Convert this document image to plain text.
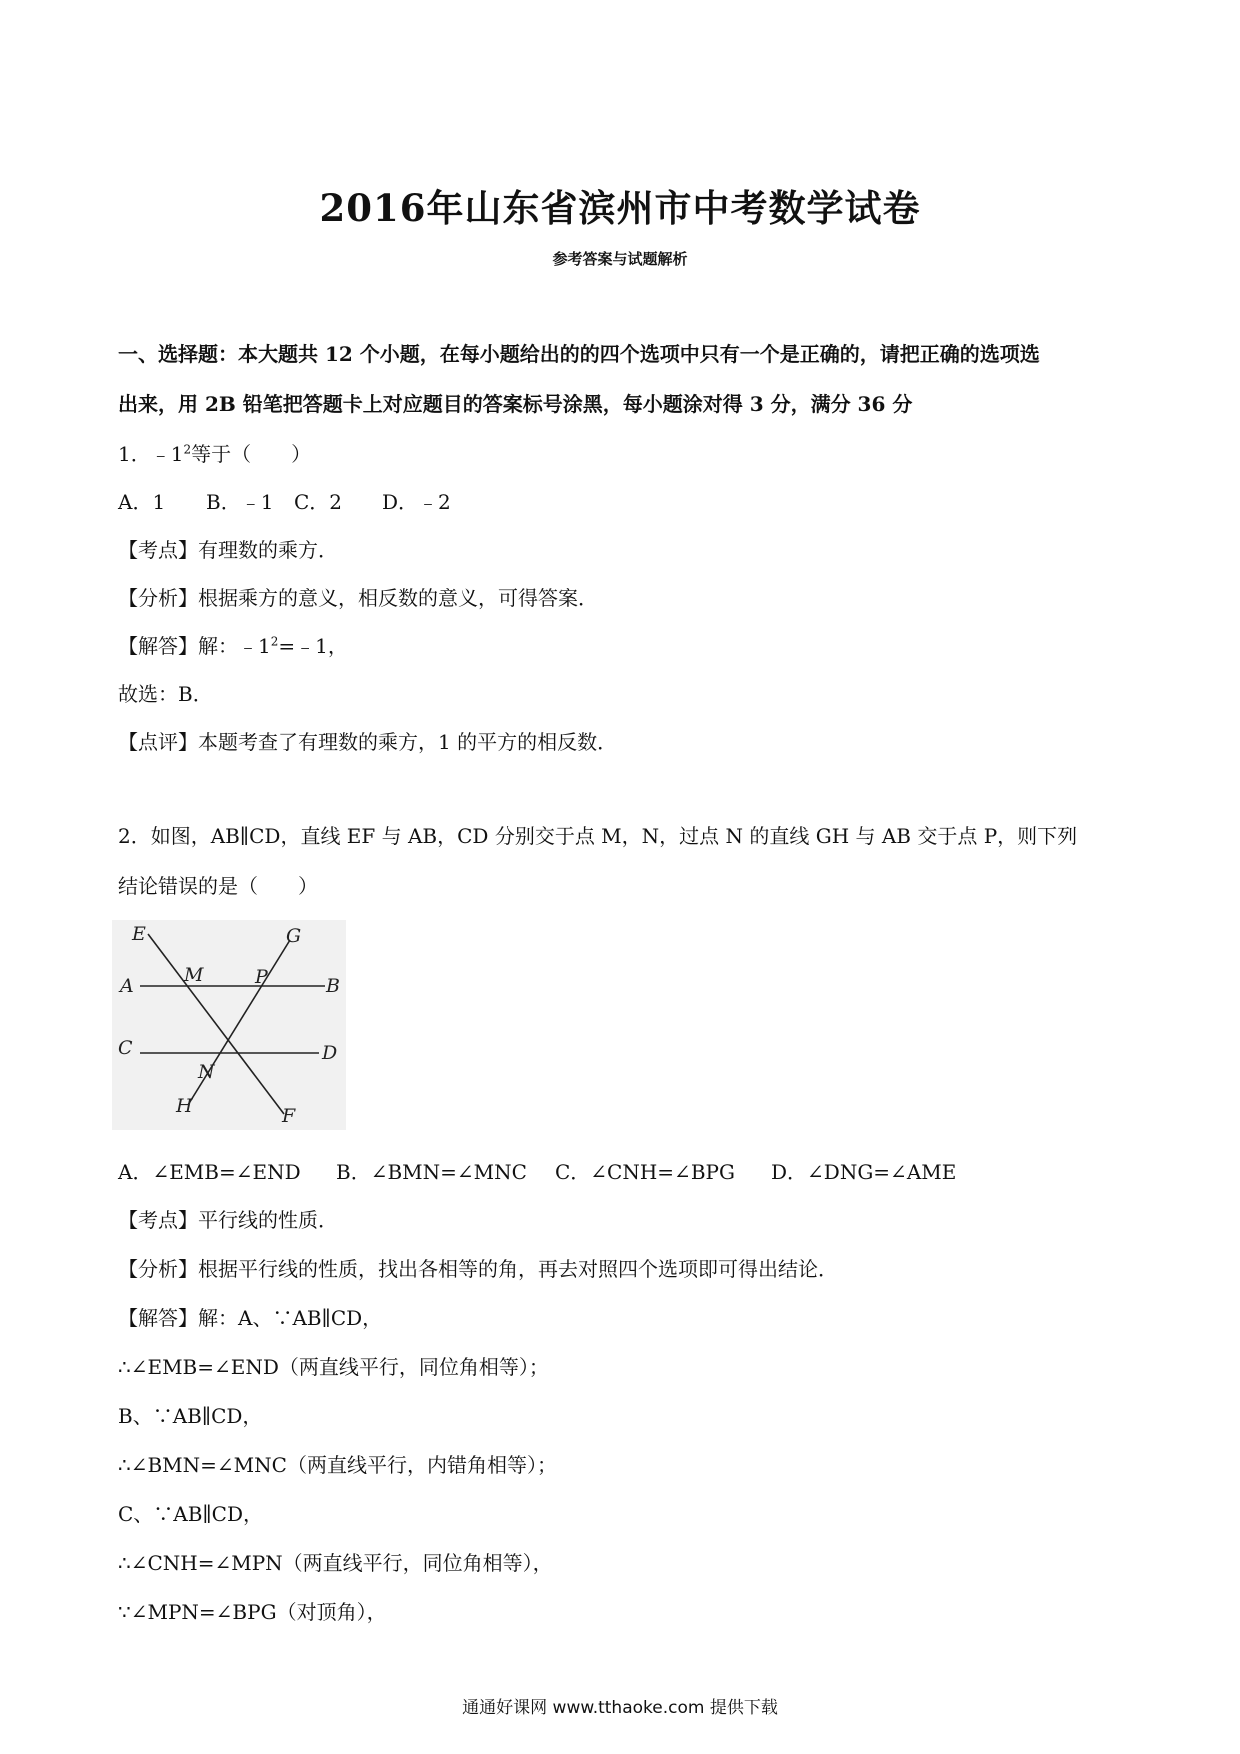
2016年山东省滨州市中考数学试卷
参考答案与试题解析
一、选择题：本大题共 12 个小题，在每小题给出的的四个选项中只有一个是正确的，请把正确的选项选
出来，用 2B 铅笔把答题卡上对应题目的答案标号涂黑，每小题涂对得 3 分，满分 36 分
1．$﹣1^2$等于（　　）
A．1 B．﹣1 C．2 D．﹣2
【考点】有理数的乘方．
【分析】根据乘方的意义，相反数的意义，可得答案．
【解答】解：$﹣1^2=﹣1$，
故选：B．
【点评】本题考查了有理数的乘方，1 的平方的相反数．
2．如图，AB∥CD，直线 EF 与 AB，CD 分别交于点 M，N，过点 N 的直线 GH 与 AB 交于点 P，则下列
结论错误的是（　　）
E	G
M	P
A	B
C	D
N
H	F
A．∠EMB=∠END B．∠BMN=∠MNC C．∠CNH=∠BPG D．∠DNG=∠AME
【考点】平行线的性质．
【分析】根据平行线的性质，找出各相等的角，再去对照四个选项即可得出结论．
【解答】解：A、∵AB∥CD，
∴∠EMB=∠END（两直线平行，同位角相等）；
B、∵AB∥CD，
∴∠BMN=∠MNC（两直线平行，内错角相等）；
C、∵AB∥CD，
∴∠CNH=∠MPN（两直线平行，同位角相等），
∵∠MPN=∠BPG（对顶角），
通通好课网 www.tthaoke.com 提供下载
